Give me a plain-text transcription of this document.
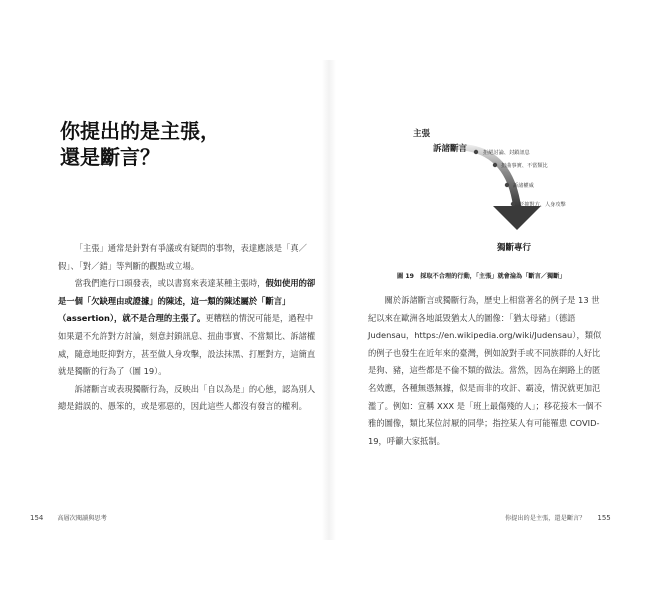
你提出的是主張，
還是斷言？

「主張」通常是針對有爭議或有疑問的事物，表達應該是「真／假」、「對／錯」等判斷的觀點或立場。

當我們進行口頭發表，或以書寫來表達某種主張時，假如使用的卻是一個「欠缺理由或證據」的陳述，這一類的陳述屬於「斷言」（assertion），就不是合理的主張了。更糟糕的情況可能是，過程中如果還不允許對方討論，刻意封鎖訊息、扭曲事實、不當類比、訴諸權威，隨意地貶抑對方，甚至做人身攻擊，設法抹黑、打壓對方，這簡直就是獨斷的行為了（圖 19）。

訴諸斷言或表現獨斷行為，反映出「自以為是」的心態，認為別人總是錯誤的、愚笨的，或是邪惡的，因此這些人都沒有發言的權利。

主張
訴諸斷言	拒絕討論、封鎖訊息
扭曲事實、不當類比
訴諸權威
貶抑對方、人身攻擊
獨斷專行
圖 19　採取不合理的行動，「主張」就會淪為「斷言／獨斷」

關於訴諸斷言或獨斷行為，歷史上相當著名的例子是 13 世紀以來在歐洲各地詆毀猶太人的圖像：「猶太母豬」（德語 Judensau，https://en.wikipedia.org/wiki/Judensau），類似的例子也發生在近年來的臺灣，例如說對手或不同族群的人好比是狗、豬，這些都是不倫不類的做法。當然，因為在網路上的匿名效應，各種無憑無據，似是而非的攻訐、霸凌，情況就更加氾濫了。例如：宣稱 XXX 是「班上最傷殘的人」；移花接木一個不雅的圖像，類比某位討厭的同學；指控某人有可能罹患 COVID-19，呼籲大家抵制。

154 高層次閱讀與思考	你提出的是主張，還是斷言？ 155
